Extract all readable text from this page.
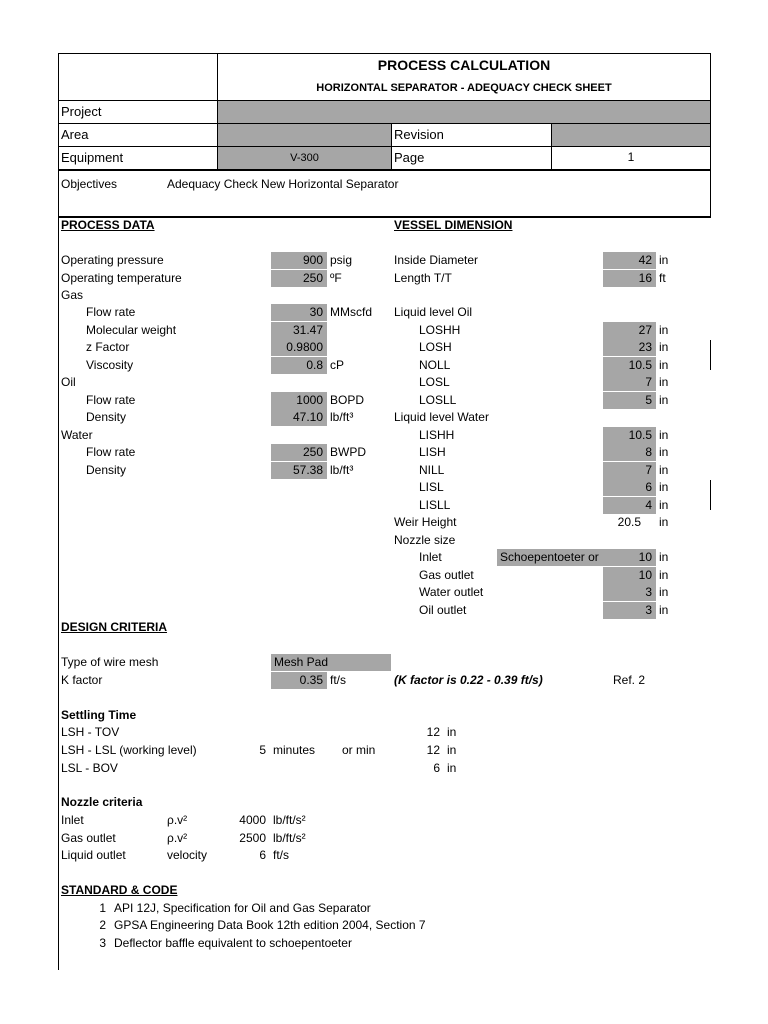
PROCESS CALCULATION
HORIZONTAL SEPARATOR - ADEQUACY CHECK SHEET
Project
Area	Revision
Equipment	V-300	Page	1
Objectives	Adequacy Check New Horizontal Separator
PROCESS DATA
Operating pressure	900 psig
Operating temperature	250 ºF
Gas
Flow rate	30 MMscfd
Molecular weight	31.47
z Factor	0.9800
Viscosity	0.8 cP
Oil
Flow rate	1000 BOPD
Density	47.10 lb/ft³
Water
Flow rate	250 BWPD
Density	57.38 lb/ft³
VESSEL DIMENSION
Inside Diameter	42 in
Length T/T	16 ft
Liquid level Oil
LOSHH	27 in
LOSH	23 in
NOLL	10.5 in
LOSL	7 in
LOSLL	5 in
Liquid level Water
LISHH	10.5 in
LISH	8 in
NILL	7 in
LISL	6 in
LISLL	4 in
Weir Height	20.5 in
Nozzle size
Inlet	Schoepentoeter or	10 in
Gas outlet	10 in
Water outlet	3 in
Oil outlet	3 in
DESIGN CRITERIA
Type of wire mesh	Mesh Pad
K factor	0.35 ft/s	(K factor is 0.22 - 0.39 ft/s)	Ref. 2
Settling Time
LSH - TOV	12 in
LSH - LSL (working level)	5 minutes or min	12 in
LSL - BOV	6 in
Nozzle criteria
Inlet	ρ.v²	4000 lb/ft/s²
Gas outlet	ρ.v²	2500 lb/ft/s²
Liquid outlet	velocity	6 ft/s
STANDARD & CODE
1 API 12J, Specification for Oil and Gas Separator
2 GPSA Engineering Data Book 12th edition 2004, Section 7
3 Deflector baffle equivalent to schoepentoeter
